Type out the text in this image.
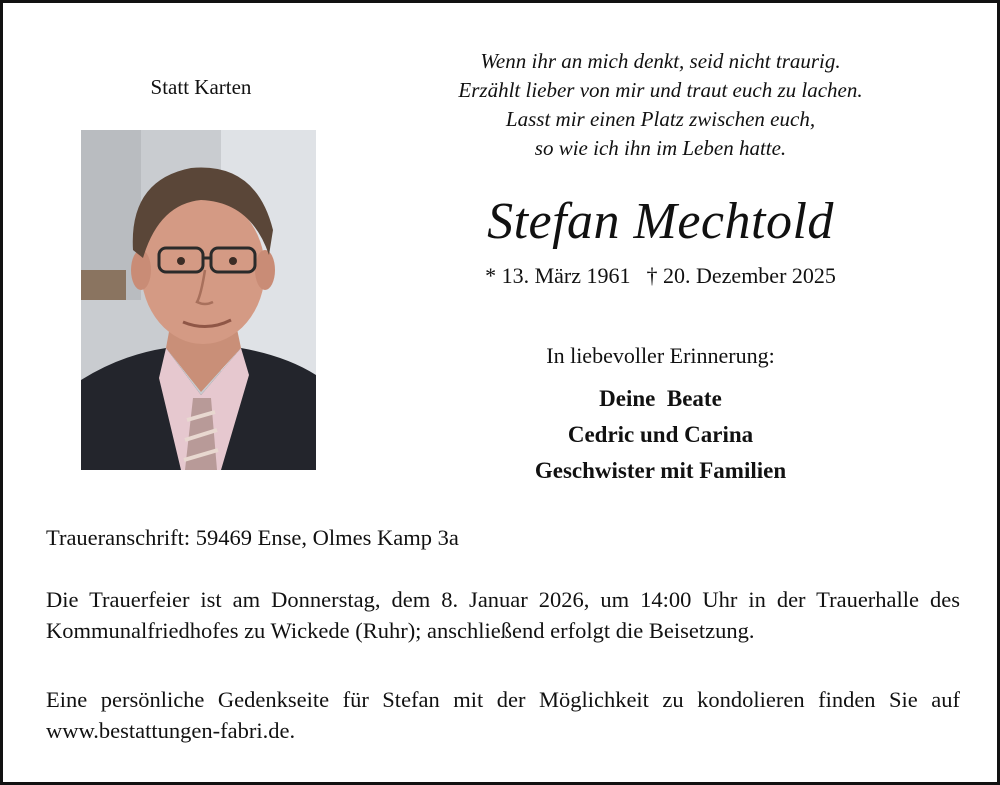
Statt Karten
Wenn ihr an mich denkt, seid nicht traurig.
Erzählt lieber von mir und traut euch zu lachen.
Lasst mir einen Platz zwischen euch,
so wie ich ihn im Leben hatte.
Stefan Mechtold
* 13. März 1961 † 20. Dezember 2025
In liebevoller Erinnerung:
Deine  Beate
Cedric und Carina
Geschwister mit Familien
Traueranschrift: 59469 Ense, Olmes Kamp 3a
Die Trauerfeier ist am Donnerstag, dem 8. Januar 2026, um 14:00 Uhr in der Trauerhalle des Kommunalfriedhofes zu Wickede (Ruhr); anschließend erfolgt die Beisetzung.
Eine persönliche Gedenkseite für Stefan mit der Möglichkeit zu kondolieren finden Sie auf www.bestattungen-fabri.de.
